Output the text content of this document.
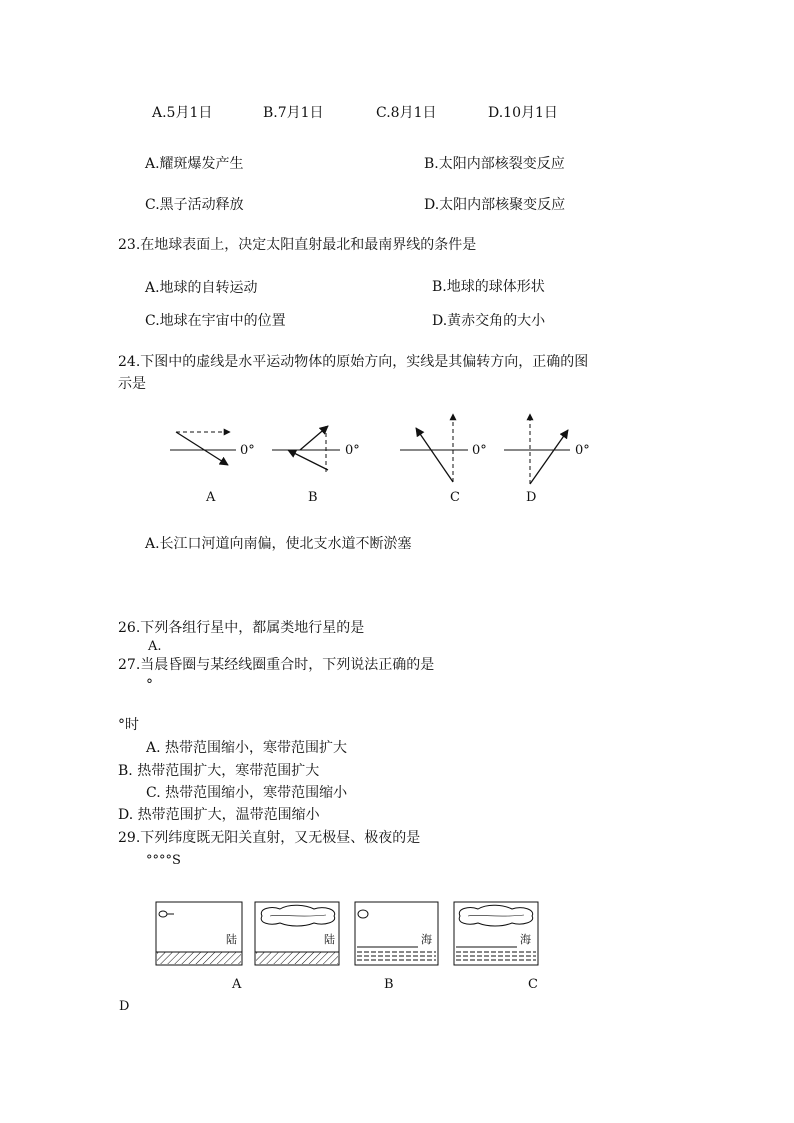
A.5月1日	B.7月1日	C.8月1日	D.10月1日
A.耀斑爆发产生	B.太阳内部核裂变反应
C.黑子活动释放	D.太阳内部核聚变反应
23.在地球表面上，决定太阳直射最北和最南界线的条件是
A.地球的自转运动	B.地球的球体形状
C.地球在宇宙中的位置	D.黄赤交角的大小
24.下图中的虚线是水平运动物体的原始方向，实线是其偏转方向，正确的图
示是
0°	0°	0°	0°
A	B	C	D
A.长江口河道向南偏，使北支水道不断淤塞
26.下列各组行星中，都属类地行星的是
A.
27.当晨昏圈与某经线圈重合时，下列说法正确的是
°
°时
A. 热带范围缩小，寒带范围扩大
B. 热带范围扩大，寒带范围扩大
C. 热带范围缩小，寒带范围缩小
D. 热带范围扩大，温带范围缩小
29.下列纬度既无阳关直射，又无极昼、极夜的是
°°°°S
陆	陆	海	海
A	B	C
D
